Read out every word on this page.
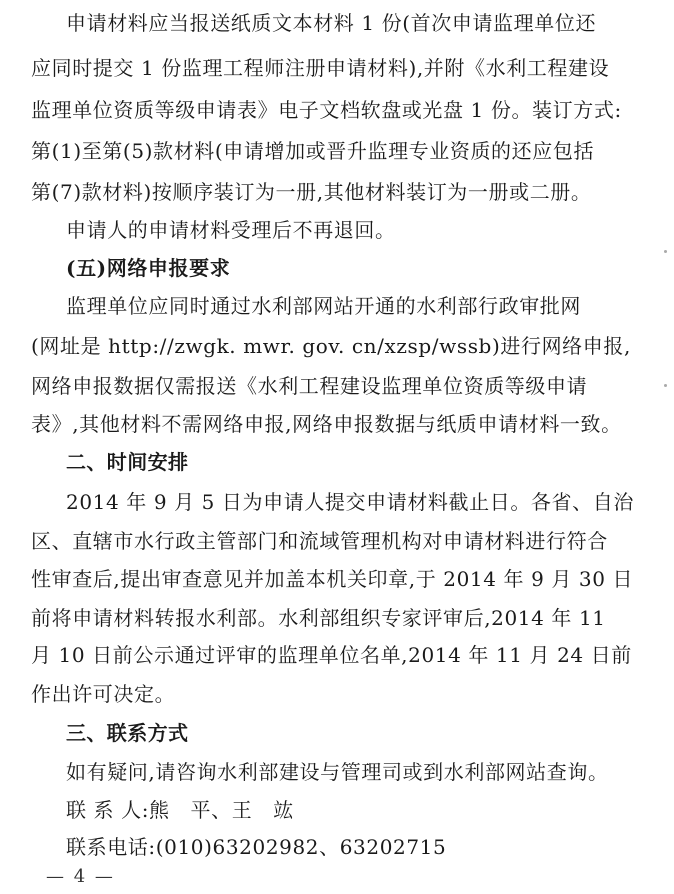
申请材料应当报送纸质文本材料 1 份(首次申请监理单位还
应同时提交 1 份监理工程师注册申请材料),并附《水利工程建设
监理单位资质等级申请表》电子文档软盘或光盘 1 份。装订方式:
第(1)至第(5)款材料(申请增加或晋升监理专业资质的还应包括
第(7)款材料)按顺序装订为一册,其他材料装订为一册或二册。
申请人的申请材料受理后不再退回。
(五)网络申报要求
监理单位应同时通过水利部网站开通的水利部行政审批网
(网址是 http://zwgk. mwr. gov. cn/xzsp/wssb)进行网络申报,
网络申报数据仅需报送《水利工程建设监理单位资质等级申请
表》,其他材料不需网络申报,网络申报数据与纸质申请材料一致。
二、时间安排
2014 年 9 月 5 日为申请人提交申请材料截止日。各省、自治
区、直辖市水行政主管部门和流域管理机构对申请材料进行符合
性审查后,提出审查意见并加盖本机关印章,于 2014 年 9 月 30 日
前将申请材料转报水利部。水利部组织专家评审后,2014 年 11
月 10 日前公示通过评审的监理单位名单,2014 年 11 月 24 日前
作出许可决定。
三、联系方式
如有疑问,请咨询水利部建设与管理司或到水利部网站查询。
联 系 人:熊   平、王   竑
联系电话:(010)63202982、63202715
— 4 —
